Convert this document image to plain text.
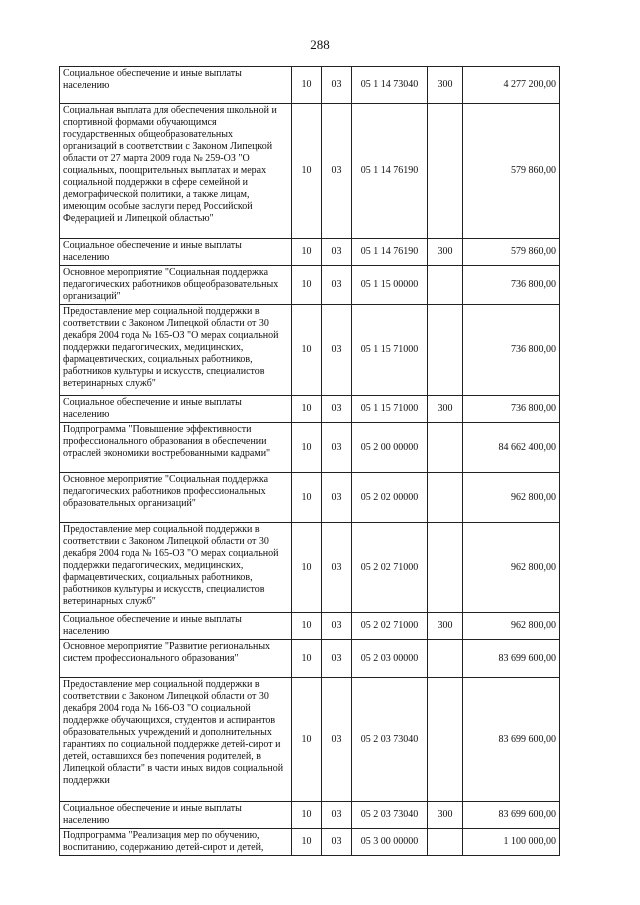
288
Социальное обеспечение и иные выплаты населению	10	03	05 1 14 73040	300	4 277 200,00
Социальная выплата для обеспечения школьной и спортивной формами обучающимся государственных общеобразовательных организаций в соответствии с Законом Липецкой области от 27 марта 2009 года № 259-ОЗ "О социальных, поощрительных выплатах и мерах социальной поддержки в сфере семейной и демографической политики, а также лицам, имеющим особые заслуги перед Российской Федерацией и Липецкой областью"	10	03	05 1 14 76190		579 860,00
Социальное обеспечение и иные выплаты населению	10	03	05 1 14 76190	300	579 860,00
Основное мероприятие "Социальная поддержка педагогических работников общеобразовательных организаций"	10	03	05 1 15 00000		736 800,00
Предоставление мер социальной поддержки в соответствии с Законом Липецкой области от 30 декабря 2004 года № 165-ОЗ "О мерах социальной поддержки педагогических, медицинских, фармацевтических, социальных работников, работников культуры и искусств, специалистов ветеринарных служб"	10	03	05 1 15 71000		736 800,00
Социальное обеспечение и иные выплаты населению	10	03	05 1 15 71000	300	736 800,00
Подпрограмма "Повышение эффективности профессионального образования в обеспечении отраслей экономики востребованными кадрами"	10	03	05 2 00 00000		84 662 400,00
Основное мероприятие "Социальная поддержка педагогических работников профессиональных образовательных организаций"	10	03	05 2 02 00000		962 800,00
Предоставление мер социальной поддержки в соответствии с Законом Липецкой области от 30 декабря 2004 года № 165-ОЗ "О мерах социальной поддержки педагогических, медицинских, фармацевтических, социальных работников, работников культуры и искусств, специалистов ветеринарных служб"	10	03	05 2 02 71000		962 800,00
Социальное обеспечение и иные выплаты населению	10	03	05 2 02 71000	300	962 800,00
Основное мероприятие "Развитие региональных систем профессионального образования"	10	03	05 2 03 00000		83 699 600,00
Предоставление мер социальной поддержки в соответствии с Законом Липецкой области от 30 декабря 2004 года № 166-ОЗ "О социальной поддержке обучающихся, студентов и аспирантов образовательных учреждений и дополнительных гарантиях по социальной поддержке детей-сирот и детей, оставшихся без попечения родителей, в Липецкой области" в части иных видов социальной поддержки	10	03	05 2 03 73040		83 699 600,00
Социальное обеспечение и иные выплаты населению	10	03	05 2 03 73040	300	83 699 600,00
Подпрограмма "Реализация мер по обучению, воспитанию, содержанию детей-сирот и детей,	10	03	05 3 00 00000		1 100 000,00
